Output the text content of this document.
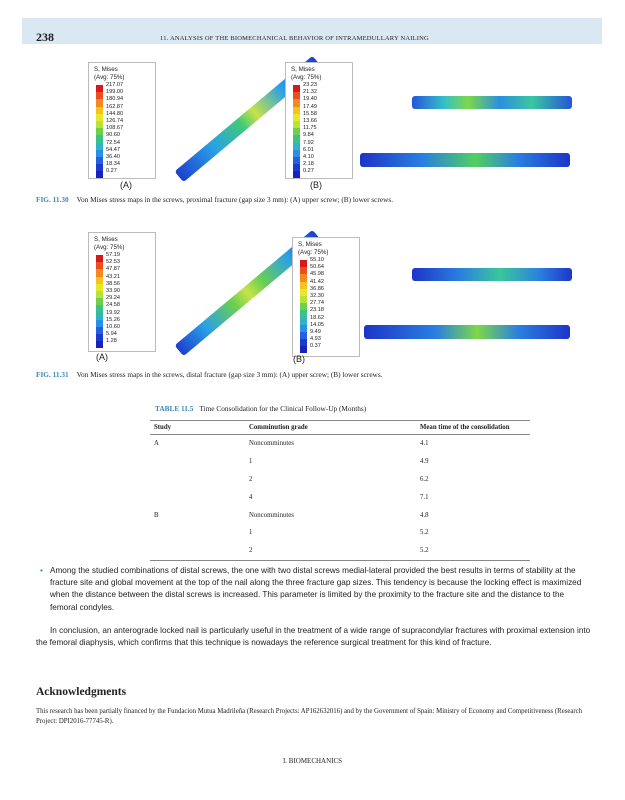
238	11. ANALYSIS OF THE BIOMECHANICAL BEHAVIOR OF INTRAMEDULLARY NAILING
S, Mises
(Avg: 75%)
217.07
199.00
180.94
162.87
144.80
126.74
108.67
90.60
72.54
54.47
36.40
18.34
0.27
(A)
S, Mises
(Avg: 75%)
23.23
21.32
19.40
17.49
15.58
13.66
11.75
9.84
7.92
6.01
4.10
2.18
0.27
(B)
FIG. 11.30 Von Mises stress maps in the screws, proximal fracture (gap size 3 mm): (A) upper screw; (B) lower screws.
S, Mises
(Avg: 75%)
57.19
52.53
47.87
43.21
38.56
33.90
29.24
24.58
19.92
15.26
10.60
5.94
1.28
(A)
S, Mises
(Avg: 75%)
55.10
50.64
45.98
41.42
36.86
32.30
27.74
23.18
18.62
14.05
9.49
4.93
0.37
(B)
FIG. 11.31 Von Mises stress maps in the screws, distal fracture (gap size 3 mm): (A) upper screw; (B) lower screws.
TABLE 11.5 Time Consolidation for the Clinical Follow-Up (Months)
Study	Comminution grade	Mean time of the consolidation
A	Noncomminutes	4.1
	1	4.9
	2	6.2
	4	7.1
B	Noncomminutes	4.8
	1	5.2
	2	5.2
• Among the studied combinations of distal screws, the one with two distal screws medial-lateral provided the best results in terms of stability at the fracture site and global movement at the top of the nail along the three fracture gap sizes. This tendency is because the locking effect is maximized when the distance between the distal screws is increased. This parameter is limited by the proximity to the fracture site and the distance to the femoral condyles.

In conclusion, an anterograde locked nail is particularly useful in the treatment of a wide range of supracondylar fractures with proximal extension into the femoral diaphysis, which confirms that this technique is nowadays the reference surgical treatment for this kind of fracture.

Acknowledgments

This research has been partially financed by the Fundacion Mutua Madrileña (Research Projects: AP162632016) and by the Government of Spain: Ministry of Economy and Competitiveness (Research Project: DPI2016-77745-R).

I. BIOMECHANICS
